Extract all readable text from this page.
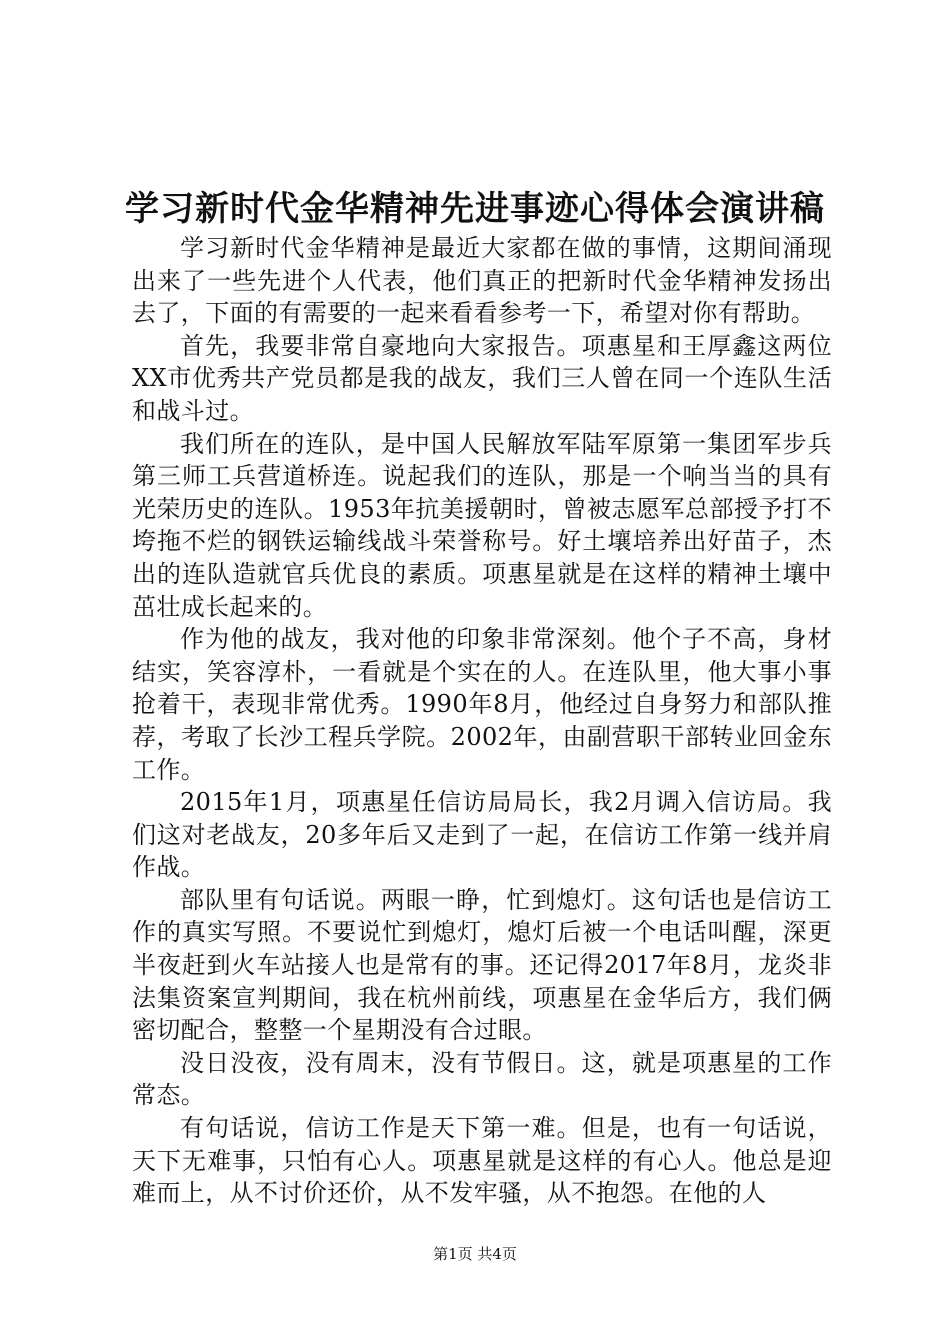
学习新时代金华精神先进事迹心得体会演讲稿

学习新时代金华精神是最近大家都在做的事情，这期间涌现出来了一些先进个人代表，他们真正的把新时代金华精神发扬出去了，下面的有需要的一起来看看参考一下，希望对你有帮助。

首先，我要非常自豪地向大家报告。项惠星和王厚鑫这两位XX市优秀共产党员都是我的战友，我们三人曾在同一个连队生活和战斗过。

我们所在的连队，是中国人民解放军陆军原第一集团军步兵第三师工兵营道桥连。说起我们的连队，那是一个响当当的具有光荣历史的连队。1953年抗美援朝时，曾被志愿军总部授予打不垮拖不烂的钢铁运输线战斗荣誉称号。好土壤培养出好苗子，杰出的连队造就官兵优良的素质。项惠星就是在这样的精神土壤中茁壮成长起来的。

作为他的战友，我对他的印象非常深刻。他个子不高，身材结实，笑容淳朴，一看就是个实在的人。在连队里，他大事小事抢着干，表现非常优秀。1990年8月，他经过自身努力和部队推荐，考取了长沙工程兵学院。2002年，由副营职干部转业回金东工作。

2015年1月，项惠星任信访局局长，我2月调入信访局。我们这对老战友，20多年后又走到了一起，在信访工作第一线并肩作战。

部队里有句话说。两眼一睁，忙到熄灯。这句话也是信访工作的真实写照。不要说忙到熄灯，熄灯后被一个电话叫醒，深更半夜赶到火车站接人也是常有的事。还记得2017年8月，龙炎非法集资案宣判期间，我在杭州前线，项惠星在金华后方，我们俩密切配合，整整一个星期没有合过眼。

没日没夜，没有周末，没有节假日。这，就是项惠星的工作常态。

有句话说，信访工作是天下第一难。但是，也有一句话说，天下无难事，只怕有心人。项惠星就是这样的有心人。他总是迎难而上，从不讨价还价，从不发牢骚，从不抱怨。在他的人

第1页 共4页
